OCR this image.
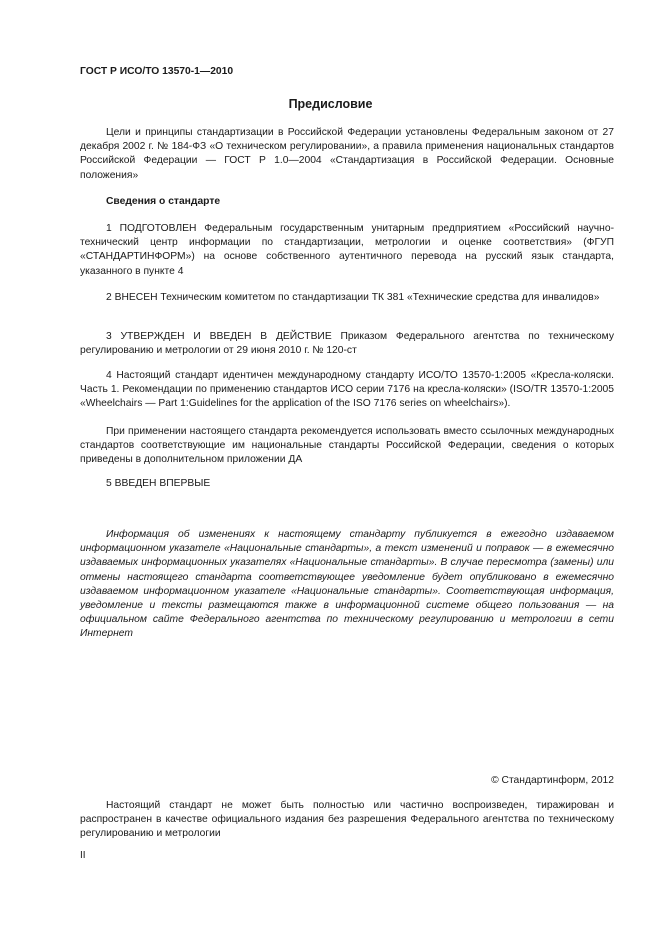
ГОСТ Р ИСО/ТО 13570-1—2010
Предисловие

Цели и принципы стандартизации в Российской Федерации установлены Федеральным законом от 27 декабря 2002 г. № 184-ФЗ «О техническом регулировании», а правила применения национальных стандартов Российской Федерации — ГОСТ Р 1.0—2004 «Стандартизация в Российской Федерации. Основные положения»

Сведения о стандарте

1 ПОДГОТОВЛЕН Федеральным государственным унитарным предприятием «Российский научно-технический центр информации по стандартизации, метрологии и оценке соответствия» (ФГУП «СТАНДАРТИНФОРМ») на основе собственного аутентичного перевода на русский язык стандарта, указанного в пункте 4

2 ВНЕСЕН Техническим комитетом по стандартизации ТК 381 «Технические средства для инвалидов»

3 УТВЕРЖДЕН И ВВЕДЕН В ДЕЙСТВИЕ Приказом Федерального агентства по техническому регулированию и метрологии от 29 июня 2010 г. № 120-ст

4 Настоящий стандарт идентичен международному стандарту ИСО/ТО 13570-1:2005 «Кресла-коляски. Часть 1. Рекомендации по применению стандартов ИСО серии 7176 на кресла-коляски» (ISO/TR 13570-1:2005 «Wheelchairs — Part 1:Guidelines for the application of the ISO 7176 series on wheelchairs»).

При применении настоящего стандарта рекомендуется использовать вместо ссылочных международных стандартов соответствующие им национальные стандарты Российской Федерации, сведения о которых приведены в дополнительном приложении ДА

5 ВВЕДЕН ВПЕРВЫЕ

Информация об изменениях к настоящему стандарту публикуется в ежегодно издаваемом информационном указателе «Национальные стандарты», а текст изменений и поправок — в ежемесячно издаваемых информационных указателях «Национальные стандарты». В случае пересмотра (замены) или отмены настоящего стандарта соответствующее уведомление будет опубликовано в ежемесячно издаваемом информационном указателе «Национальные стандарты». Соответствующая информация, уведомление и тексты размещаются также в информационной системе общего пользования — на официальном сайте Федерального агентства по техническому регулированию и метрологии в сети Интернет

© Стандартинформ, 2012

Настоящий стандарт не может быть полностью или частично воспроизведен, тиражирован и распространен в качестве официального издания без разрешения Федерального агентства по техническому регулированию и метрологии

II
